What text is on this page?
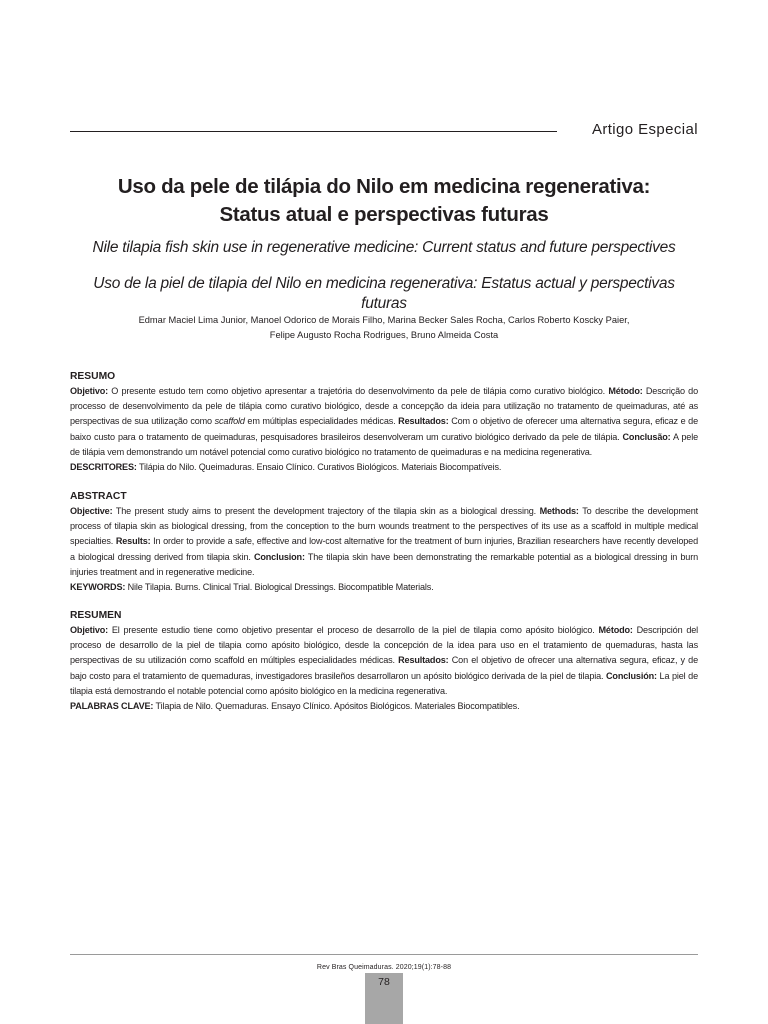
Artigo Especial
Uso da pele de tilápia do Nilo em medicina regenerativa:
Status atual e perspectivas futuras
Nile tilapia fish skin use in regenerative medicine: Current status and future perspectives
Uso de la piel de tilapia del Nilo en medicina regenerativa: Estatus actual y perspectivas futuras
Edmar Maciel Lima Junior, Manoel Odorico de Morais Filho, Marina Becker Sales Rocha, Carlos Roberto Koscky Paier,
Felipe Augusto Rocha Rodrigues, Bruno Almeida Costa
RESUMO

Objetivo: O presente estudo tem como objetivo apresentar a trajetória do desenvolvimento da pele de tilápia como curativo biológico. Método: Descrição do processo de desenvolvimento da pele de tilápia como curativo biológico, desde a concepção da ideia para utilização no tratamento de queimaduras, até as perspectivas de sua utilização como scaffold em múltiplas especialidades médicas. Resultados: Com o objetivo de oferecer uma alternativa segura, eficaz e de baixo custo para o tratamento de queimaduras, pesquisadores brasileiros desenvolveram um curativo biológico derivado da pele de tilápia. Conclusão: A pele de tilápia vem demonstrando um notável potencial como curativo biológico no tratamento de queimaduras e na medicina regenerativa.

DESCRITORES: Tilápia do Nilo. Queimaduras. Ensaio Clínico. Curativos Biológicos. Materiais Biocompatíveis.

ABSTRACT

Objective: The present study aims to present the development trajectory of the tilapia skin as a biological dressing. Methods: To describe the development process of tilapia skin as biological dressing, from the conception to the burn wounds treatment to the perspectives of its use as a scaffold in multiple medical specialties. Results: In order to provide a safe, effective and low-cost alternative for the treatment of burn injuries, Brazilian researchers have recently developed a biological dressing derived from tilapia skin. Conclusion: The tilapia skin have been demonstrating the remarkable potential as a biological dressing in burn injuries treatment and in regenerative medicine.

KEYWORDS: Nile Tilapia. Burns. Clinical Trial. Biological Dressings. Biocompatible Materials.

RESUMEN

Objetivo: El presente estudio tiene como objetivo presentar el proceso de desarrollo de la piel de tilapia como apósito biológico. Método: Descripción del proceso de desarrollo de la piel de tilapia como apósito biológico, desde la concepción de la idea para uso en el tratamiento de quemaduras, hasta las perspectivas de su utilización como scaffold en múltiples especialidades médicas. Resultados: Con el objetivo de ofrecer una alternativa segura, eficaz, y de bajo costo para el tratamiento de quemaduras, investigadores brasileños desarrollaron un apósito biológico derivada de la piel de tilapia. Conclusión: La piel de tilapia está demostrando el notable potencial como apósito biológico en la medicina regenerativa.

PALABRAS CLAVE: Tilapia de Nilo. Quemaduras. Ensayo Clínico. Apósitos Biológicos. Materiales Biocompatibles.

Rev Bras Queimaduras. 2020;19(1):78-88
78
